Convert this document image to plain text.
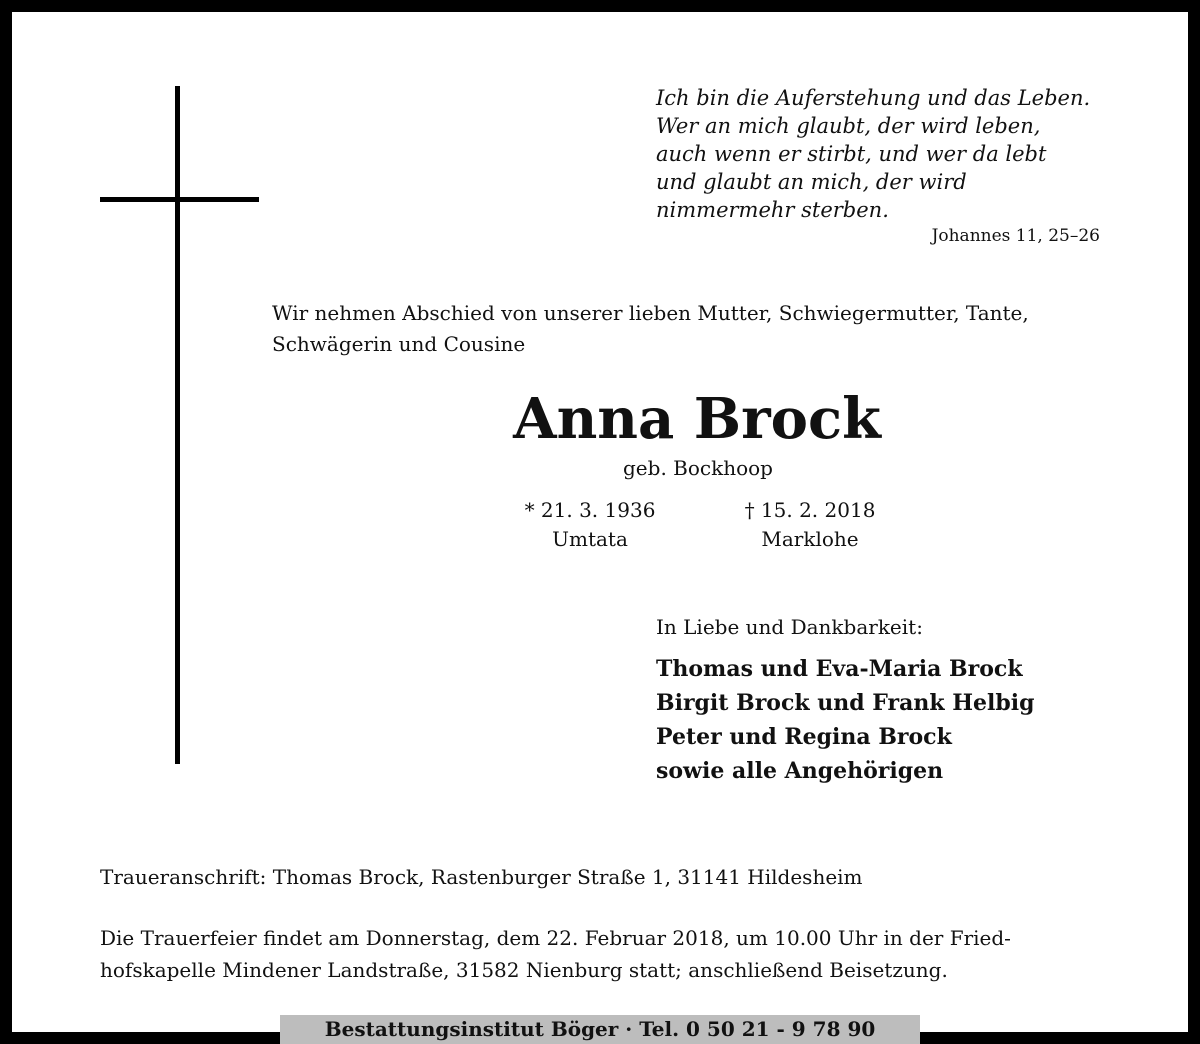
Ich bin die Auferstehung und das Leben.
Wer an mich glaubt, der wird leben,
auch wenn er stirbt, und wer da lebt
und glaubt an mich, der wird
nimmermehr sterben.
Johannes 11, 25–26
Wir nehmen Abschied von unserer lieben Mutter, Schwiegermutter, Tante,
Schwägerin und Cousine
Anna Brock
geb. Bockhoop
* 21. 3. 1936
Umtata
† 15. 2. 2018
Marklohe
In Liebe und Dankbarkeit:
Thomas und Eva-Maria Brock
Birgit Brock und Frank Helbig
Peter und Regina Brock
sowie alle Angehörigen
Traueranschrift: Thomas Brock, Rastenburger Straße 1, 31141 Hildesheim
Die Trauerfeier findet am Donnerstag, dem 22. Februar 2018, um 10.00 Uhr in der Fried-
hofskapelle Mindener Landstraße, 31582 Nienburg statt; anschließend Beisetzung.
Bestattungsinstitut Böger · Tel. 0 50 21 - 9 78 90
